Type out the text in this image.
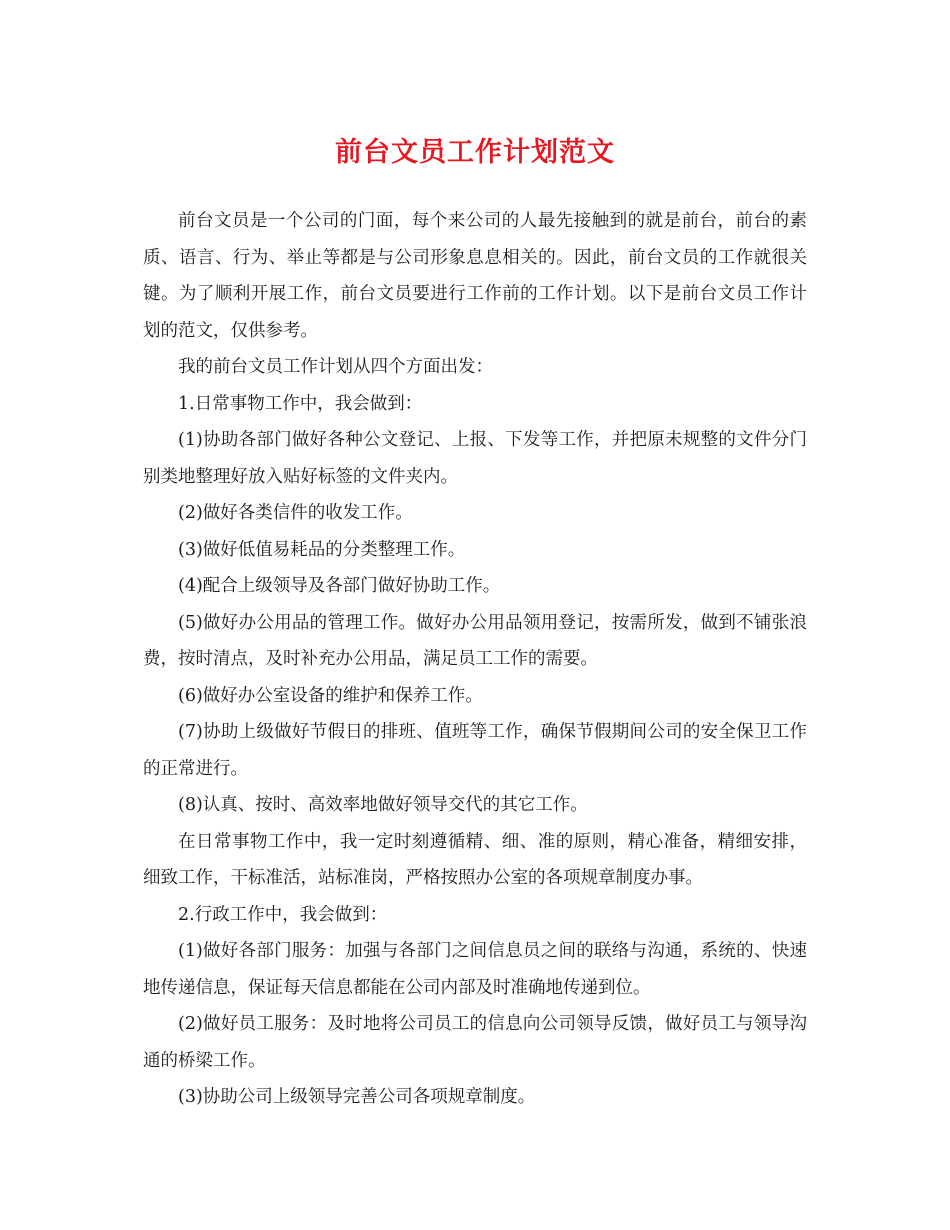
前台文员工作计划范文

前台文员是一个公司的门面，每个来公司的人最先接触到的就是前台，前台的素质、语言、行为、举止等都是与公司形象息息相关的。因此，前台文员的工作就很关键。为了顺利开展工作，前台文员要进行工作前的工作计划。以下是前台文员工作计划的范文，仅供参考。

我的前台文员工作计划从四个方面出发：

1.日常事物工作中，我会做到：

(1)协助各部门做好各种公文登记、上报、下发等工作，并把原未规整的文件分门别类地整理好放入贴好标签的文件夹内。

(2)做好各类信件的收发工作。

(3)做好低值易耗品的分类整理工作。

(4)配合上级领导及各部门做好协助工作。

(5)做好办公用品的管理工作。做好办公用品领用登记，按需所发，做到不铺张浪费，按时清点，及时补充办公用品，满足员工工作的需要。

(6)做好办公室设备的维护和保养工作。

(7)协助上级做好节假日的排班、值班等工作，确保节假期间公司的安全保卫工作的正常进行。

(8)认真、按时、高效率地做好领导交代的其它工作。

在日常事物工作中，我一定时刻遵循精、细、准的原则，精心准备，精细安排，细致工作，干标准活，站标准岗，严格按照办公室的各项规章制度办事。

2.行政工作中，我会做到：

(1)做好各部门服务：加强与各部门之间信息员之间的联络与沟通，系统的、快速地传递信息，保证每天信息都能在公司内部及时准确地传递到位。

(2)做好员工服务：及时地将公司员工的信息向公司领导反馈，做好员工与领导沟通的桥梁工作。

(3)协助公司上级领导完善公司各项规章制度。
